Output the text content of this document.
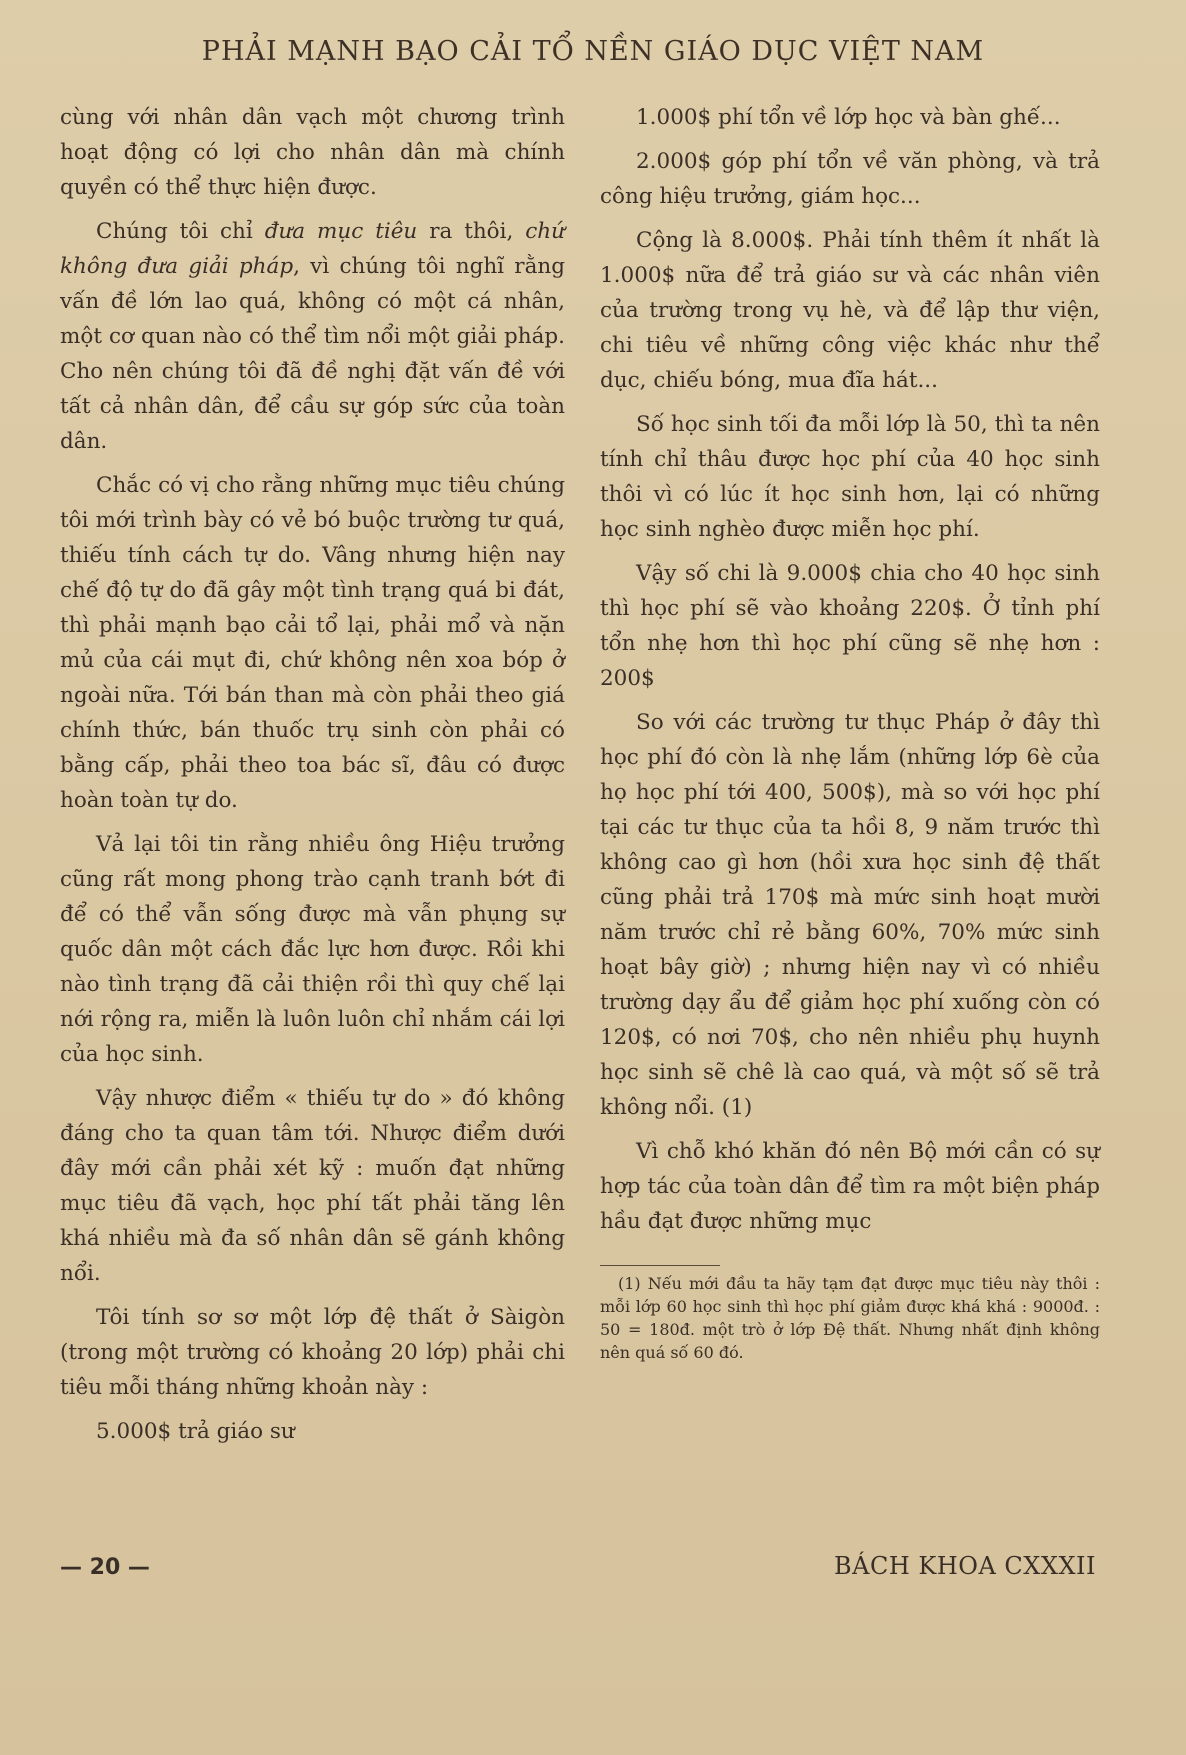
PHẢI MẠNH BẠO CẢI TỔ NỀN GIÁO DỤC VIỆT NAM

cùng với nhân dân vạch một chương trình hoạt động có lợi cho nhân dân mà chính quyền có thể thực hiện được.

Chúng tôi chỉ đưa mục tiêu ra thôi, chứ không đưa giải pháp, vì chúng tôi nghĩ rằng vấn đề lớn lao quá, không có một cá nhân, một cơ quan nào có thể tìm nổi một giải pháp. Cho nên chúng tôi đã đề nghị đặt vấn đề với tất cả nhân dân, để cầu sự góp sức của toàn dân.

Chắc có vị cho rằng những mục tiêu chúng tôi mới trình bày có vẻ bó buộc trường tư quá, thiếu tính cách tự do. Vâng nhưng hiện nay chế độ tự do đã gây một tình trạng quá bi đát, thì phải mạnh bạo cải tổ lại, phải mổ và nặn mủ của cái mụt đi, chứ không nên xoa bóp ở ngoài nữa. Tới bán than mà còn phải theo giá chính thức, bán thuốc trụ sinh còn phải có bằng cấp, phải theo toa bác sĩ, đâu có được hoàn toàn tự do.

Vả lại tôi tin rằng nhiều ông Hiệu trưởng cũng rất mong phong trào cạnh tranh bớt đi để có thể vẫn sống được mà vẫn phụng sự quốc dân một cách đắc lực hơn được. Rồi khi nào tình trạng đã cải thiện rồi thì quy chế lại nới rộng ra, miễn là luôn luôn chỉ nhắm cái lợi của học sinh.

Vậy nhược điểm « thiếu tự do » đó không đáng cho ta quan tâm tới. Nhược điểm dưới đây mới cần phải xét kỹ : muốn đạt những mục tiêu đã vạch, học phí tất phải tăng lên khá nhiều mà đa số nhân dân sẽ gánh không nổi.

Tôi tính sơ sơ một lớp đệ thất ở Sàigòn (trong một trường có khoảng 20 lớp) phải chi tiêu mỗi tháng những khoản này :

5.000$ trả giáo sư

1.000$ phí tổn về lớp học và bàn ghế...

2.000$ góp phí tổn về văn phòng, và trả công hiệu trưởng, giám học...

Cộng là 8.000$. Phải tính thêm ít nhất là 1.000$ nữa để trả giáo sư và các nhân viên của trường trong vụ hè, và để lập thư viện, chi tiêu về những công việc khác như thể dục, chiếu bóng, mua đĩa hát...

Số học sinh tối đa mỗi lớp là 50, thì ta nên tính chỉ thâu được học phí của 40 học sinh thôi vì có lúc ít học sinh hơn, lại có những học sinh nghèo được miễn học phí.

Vậy số chi là 9.000$ chia cho 40 học sinh thì học phí sẽ vào khoảng 220$. Ở tỉnh phí tổn nhẹ hơn thì học phí cũng sẽ nhẹ hơn : 200$

So với các trường tư thục Pháp ở đây thì học phí đó còn là nhẹ lắm (những lớp 6è của họ học phí tới 400, 500$), mà so với học phí tại các tư thục của ta hồi 8, 9 năm trước thì không cao gì hơn (hồi xưa học sinh đệ thất cũng phải trả 170$ mà mức sinh hoạt mười năm trước chỉ rẻ bằng 60%, 70% mức sinh hoạt bây giờ) ; nhưng hiện nay vì có nhiều trường dạy ẩu để giảm học phí xuống còn có 120$, có nơi 70$, cho nên nhiều phụ huynh học sinh sẽ chê là cao quá, và một số sẽ trả không nổi. (1)

Vì chỗ khó khăn đó nên Bộ mới cần có sự hợp tác của toàn dân để tìm ra một biện pháp hầu đạt được những mục

(1) Nếu mới đầu ta hãy tạm đạt được mục tiêu này thôi : mỗi lớp 60 học sinh thì học phí giảm được khá khá : 9000đ. : 50 = 180đ. một trò ở lớp Đệ thất. Nhưng nhất định không nên quá số 60 đó.
— 20 —	BÁCH KHOA CXXXII
